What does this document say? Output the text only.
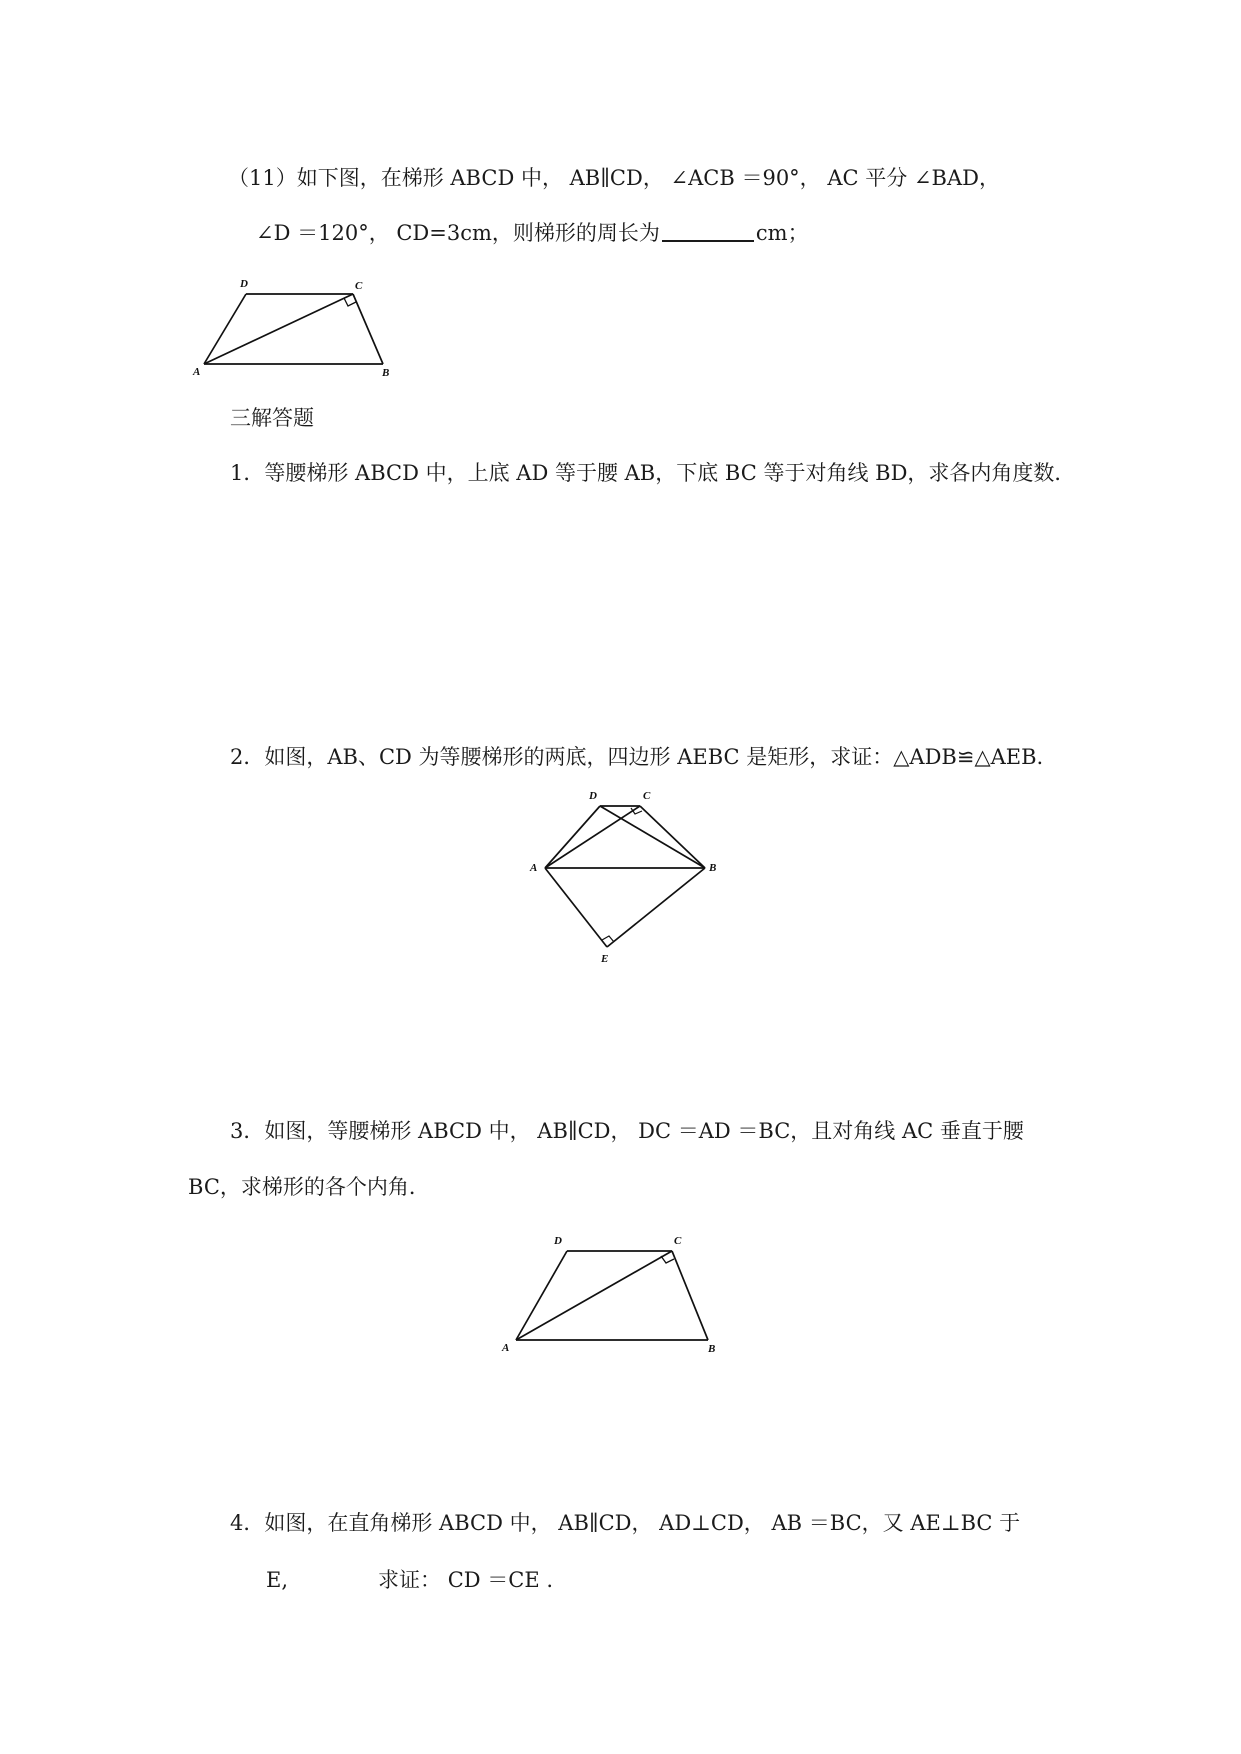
（11）如下图，在梯形 ABCD 中， AB∥CD， ∠ACB ＝90°， AC 平分 ∠BAD，
∠D ＝120°， CD=3cm，则梯形的周长为	cm；
A	B
C
D
三解答题
1．等腰梯形 ABCD 中，上底 AD 等于腰 AB，下底 BC 等于对角线 BD，求各内角度数．
2．如图，AB、CD 为等腰梯形的两底，四边形 AEBC 是矩形，求证：△ADB≌△AEB.
A	B
C
D
E
3．如图，等腰梯形 ABCD 中， AB∥CD， DC ＝AD ＝BC，且对角线 AC 垂直于腰
BC，求梯形的各个内角．
A	B
C
D
4．如图，在直角梯形 ABCD 中， AB∥CD， AD⊥CD， AB ＝BC，又 AE⊥BC 于
E,	求证： CD ＝CE .
